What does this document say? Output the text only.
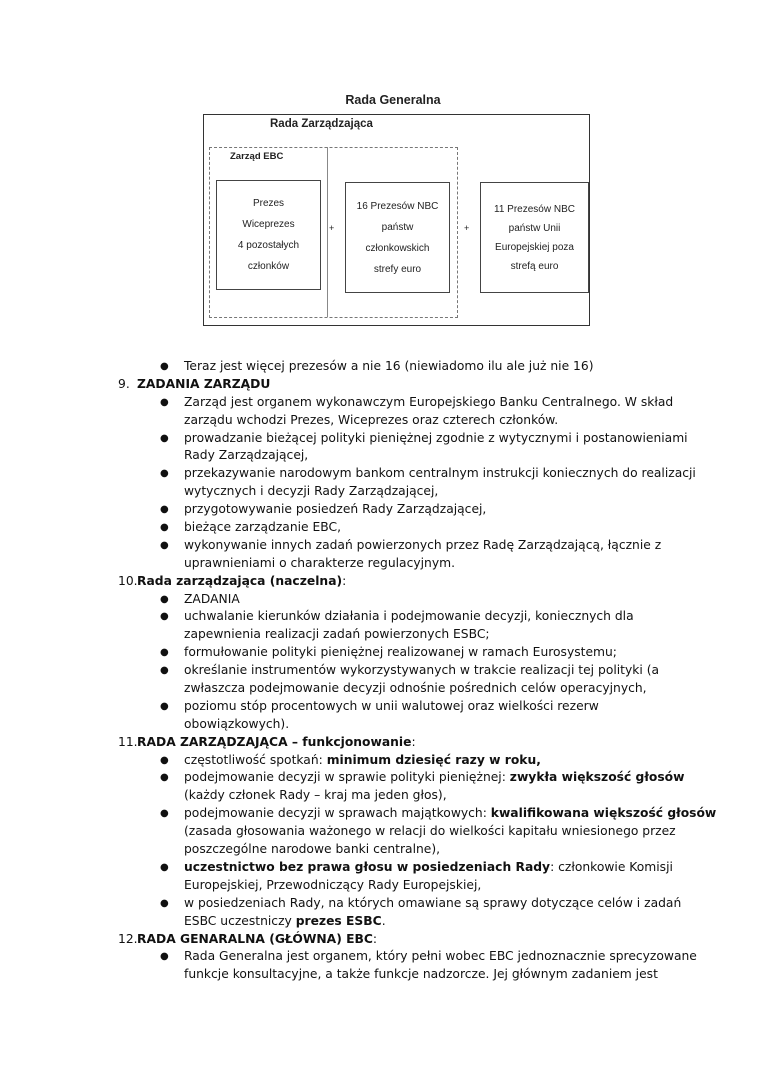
Rada Generalna
Rada Zarządzająca
Zarząd EBC
Prezes
Wiceprezes
4 pozostałych
członków
+
16 Prezesów NBC
państw
członkowskich
strefy euro
+
11 Prezesów NBC
państw Unii
Europejskiej poza
strefą euro
● Teraz jest więcej prezesów a nie 16 (niewiadomo ilu ale już nie 16)
9. ZADANIA ZARZĄDU
● Zarząd jest organem wykonawczym Europejskiego Banku Centralnego. W skład
zarządu wchodzi Prezes, Wiceprezes oraz czterech członków.
● prowadzanie bieżącej polityki pieniężnej zgodnie z wytycznymi i postanowieniami
Rady Zarządzającej,
● przekazywanie narodowym bankom centralnym instrukcji koniecznych do realizacji
wytycznych i decyzji Rady Zarządzającej,
● przygotowywanie posiedzeń Rady Zarządzającej,
● bieżące zarządzanie EBC,
● wykonywanie innych zadań powierzonych przez Radę Zarządzającą, łącznie z
uprawnieniami o charakterze regulacyjnym.
10. Rada zarządzająca (naczelna):
● ZADANIA
● uchwalanie kierunków działania i podejmowanie decyzji, koniecznych dla
zapewnienia realizacji zadań powierzonych ESBC;
● formułowanie polityki pieniężnej realizowanej w ramach Eurosystemu;
● określanie instrumentów wykorzystywanych w trakcie realizacji tej polityki (a
zwłaszcza podejmowanie decyzji odnośnie pośrednich celów operacyjnych,
● poziomu stóp procentowych w unii walutowej oraz wielkości rezerw
obowiązkowych).
11. RADA ZARZĄDZAJĄCA – funkcjonowanie:
● częstotliwość spotkań: minimum dziesięć razy w roku,
● podejmowanie decyzji w sprawie polityki pieniężnej: zwykła większość głosów
(każdy członek Rady – kraj ma jeden głos),
● podejmowanie decyzji w sprawach majątkowych: kwalifikowana większość głosów
(zasada głosowania ważonego w relacji do wielkości kapitału wniesionego przez
poszczególne narodowe banki centralne),
● uczestnictwo bez prawa głosu w posiedzeniach Rady: członkowie Komisji
Europejskiej, Przewodniczący Rady Europejskiej,
● w posiedzeniach Rady, na których omawiane są sprawy dotyczące celów i zadań
ESBC uczestniczy prezes ESBC.
12. RADA GENARALNA (GŁÓWNA) EBC:
● Rada Generalna jest organem, który pełni wobec EBC jednoznacznie sprecyzowane
funkcje konsultacyjne, a także funkcje nadzorcze. Jej głównym zadaniem jest
